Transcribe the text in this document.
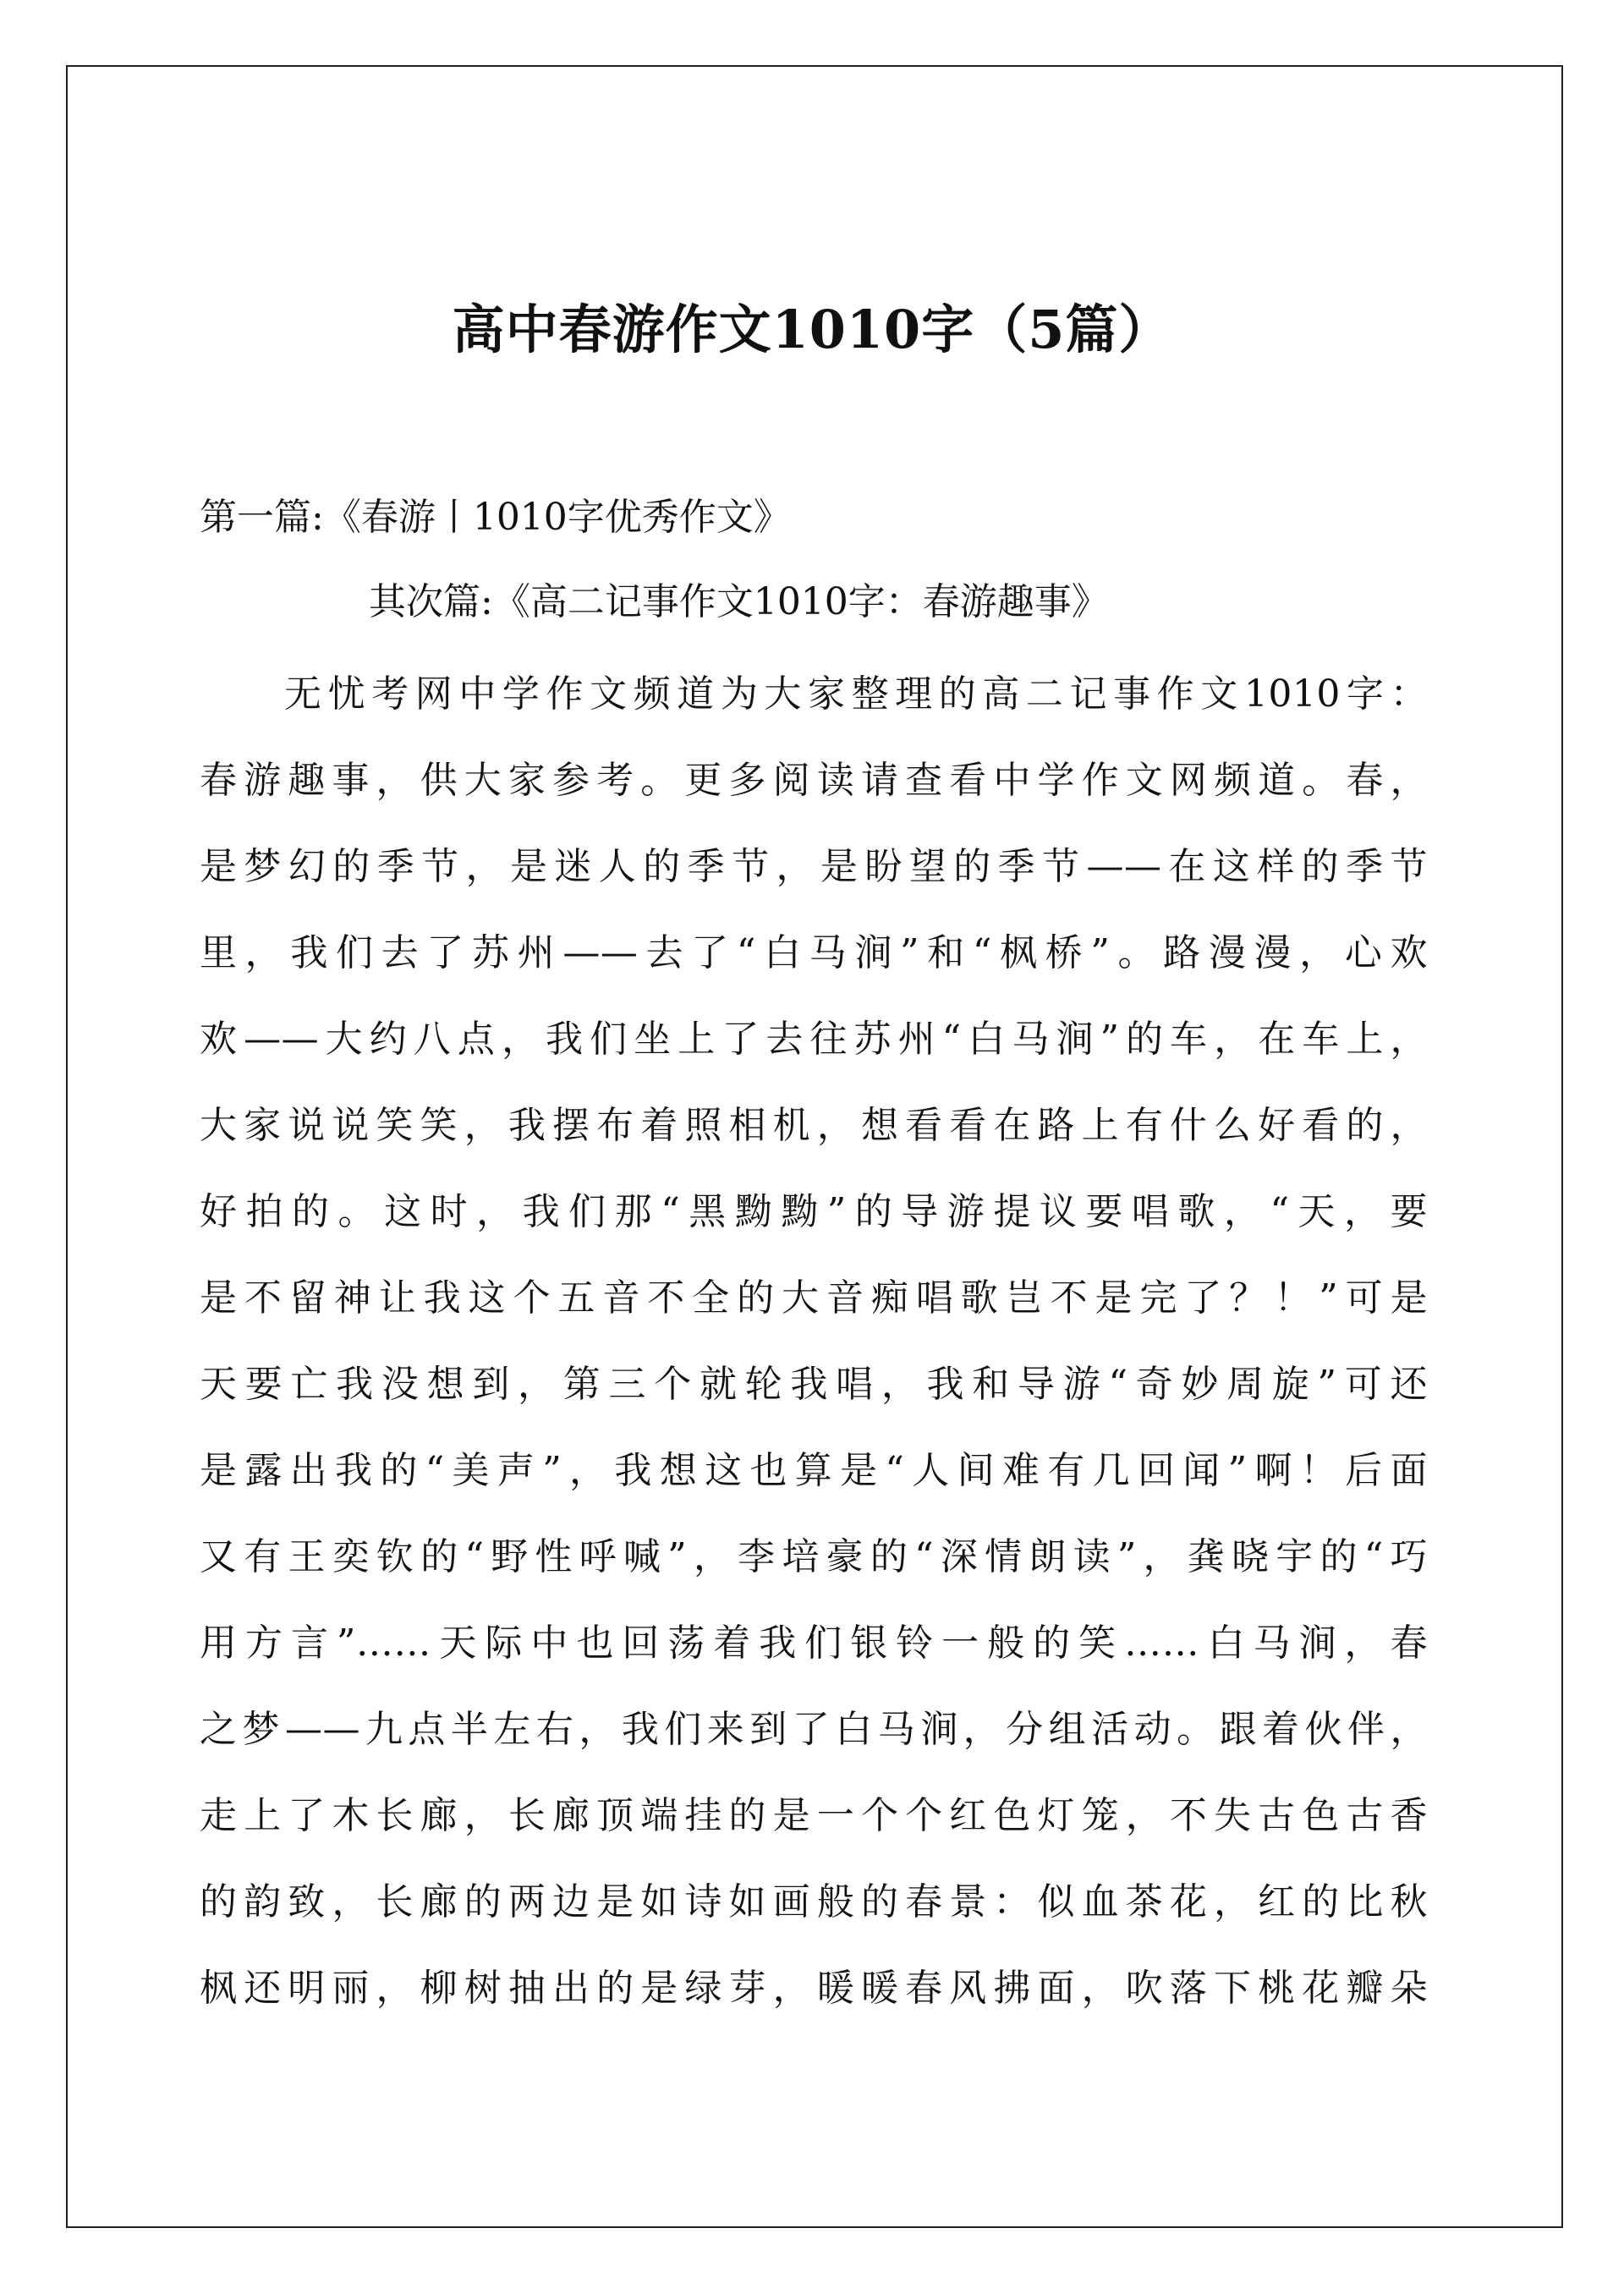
高中春游作文1010字（5篇）
第一篇:《春游丨1010字优秀作文》
其次篇:《高二记事作文1010字：春游趣事》
无忧考网中学作文频道为大家整理的高二记事作文1010字：
春游趣事，供大家参考。更多阅读请查看中学作文网频道。春，
是梦幻的季节，是迷人的季节，是盼望的季节——在这样的季节
里，我们去了苏州——去了“白马涧”和“枫桥”。路漫漫，心欢
欢——大约八点，我们坐上了去往苏州“白马涧”的车，在车上，
大家说说笑笑，我摆布着照相机，想看看在路上有什么好看的，
好拍的。这时，我们那“黑黝黝”的导游提议要唱歌，“天，要
是不留神让我这个五音不全的大音痴唱歌岂不是完了？！”可是
天要亡我没想到，第三个就轮我唱，我和导游“奇妙周旋”可还
是露出我的“美声”，我想这也算是“人间难有几回闻”啊！后面
又有王奕钦的“野性呼喊”，李培豪的“深情朗读”，龚晓宇的“巧
用方言”……天际中也回荡着我们银铃一般的笑……白马涧，春
之梦——九点半左右，我们来到了白马涧，分组活动。跟着伙伴，
走上了木长廊，长廊顶端挂的是一个个红色灯笼，不失古色古香
的韵致，长廊的两边是如诗如画般的春景：似血茶花，红的比秋
枫还明丽，柳树抽出的是绿芽，暖暖春风拂面，吹落下桃花瓣朵
